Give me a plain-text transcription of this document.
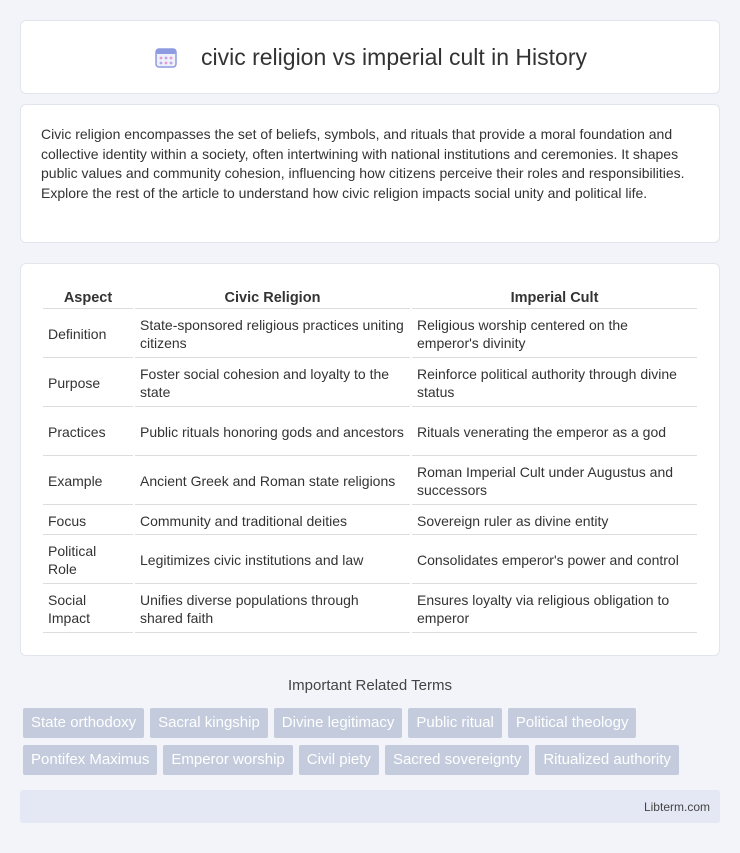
civic religion vs imperial cult in History

Civic religion encompasses the set of beliefs, symbols, and rituals that provide a moral foundation and collective identity within a society, often intertwining with national institutions and ceremonies. It shapes public values and community cohesion, influencing how citizens perceive their roles and responsibilities. Explore the rest of the article to understand how civic religion impacts social unity and political life.

Aspect	Civic Religion	Imperial Cult
Definition	State-sponsored religious practices uniting citizens	Religious worship centered on the emperor's divinity
Purpose	Foster social cohesion and loyalty to the state	Reinforce political authority through divine status
Practices	Public rituals honoring gods and ancestors	Rituals venerating the emperor as a god
Example	Ancient Greek and Roman state religions	Roman Imperial Cult under Augustus and successors
Focus	Community and traditional deities	Sovereign ruler as divine entity
Political Role	Legitimizes civic institutions and law	Consolidates emperor's power and control
Social Impact	Unifies diverse populations through shared faith	Ensures loyalty via religious obligation to emperor
Important Related Terms
State orthodoxy	Sacral kingship	Divine legitimacy	Public ritual	Political theology
Pontifex Maximus	Emperor worship	Civil piety	Sacred sovereignty	Ritualized authority
Libterm.com
